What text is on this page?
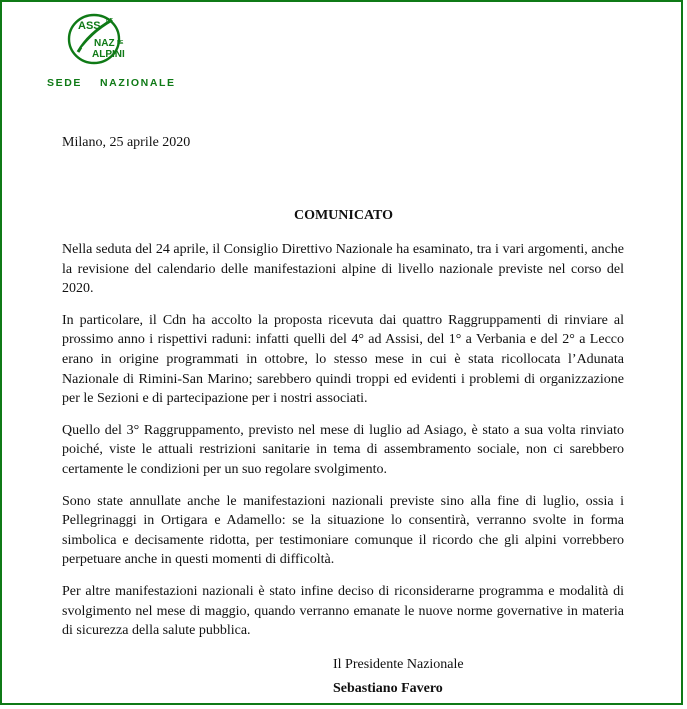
ASS NE
NAZ LE
ALPINI
SEDE NAZIONALE
Milano, 25 aprile 2020
COMUNICATO

Nella seduta del 24 aprile, il Consiglio Direttivo Nazionale ha esaminato, tra i vari argomenti, anche la revisione del calendario delle manifestazioni alpine di livello nazionale previste nel corso del 2020.

In particolare, il Cdn ha accolto la proposta ricevuta dai quattro Raggruppamenti di rinviare al prossimo anno i rispettivi raduni: infatti quelli del 4° ad Assisi, del 1° a Verbania e del 2° a Lecco erano in origine programmati in ottobre, lo stesso mese in cui è stata ricollocata l’Adunata Nazionale di Rimini-San Marino; sarebbero quindi troppi ed evidenti i problemi di organizzazione per le Sezioni e di partecipazione per i nostri associati.

Quello del 3° Raggruppamento, previsto nel mese di luglio ad Asiago, è stato a sua volta rinviato poiché, viste le attuali restrizioni sanitarie in tema di assembramento sociale, non ci sarebbero certamente le condizioni per un suo regolare svolgimento.

Sono state annullate anche le manifestazioni nazionali previste sino alla fine di luglio, ossia i Pellegrinaggi in Ortigara e Adamello: se la situazione lo consentirà, verranno svolte in forma simbolica e decisamente ridotta, per testimoniare comunque il ricordo che gli alpini vorrebbero perpetuare anche in questi momenti di difficoltà.

Per altre manifestazioni nazionali è stato infine deciso di riconsiderarne programma e modalità di svolgimento nel mese di maggio, quando verranno emanate le nuove norme governative in materia di sicurezza della salute pubblica.

Il Presidente Nazionale
Sebastiano Favero
